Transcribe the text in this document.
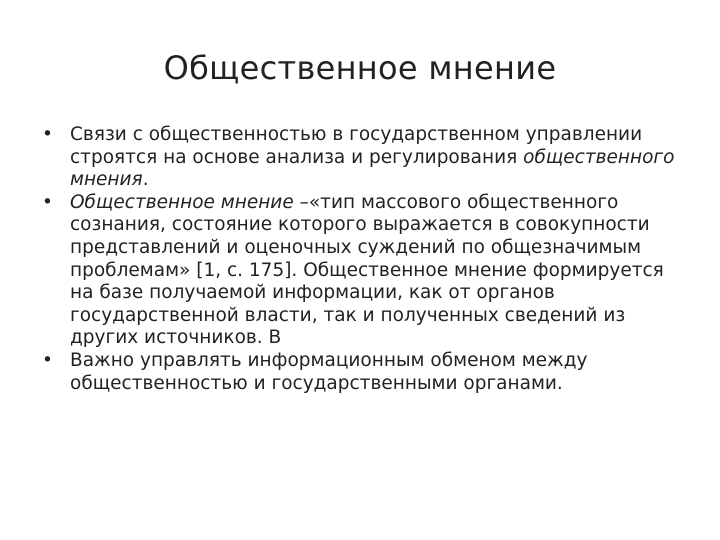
Общественное мнение
• Связи с общественностью в государственном управлении строятся на основе анализа и регулирования общественного мнения.
• Общественное мнение –«тип массового общественного сознания, состояние которого выражается в совокупности представлений и оценочных суждений по общезначимым проблемам» [1, с. 175]. Общественное мнение формируется на базе получаемой информации, как от органов государственной власти, так и полученных сведений из других источников. В
• Важно управлять информационным обменом между общественностью и государственными органами.
